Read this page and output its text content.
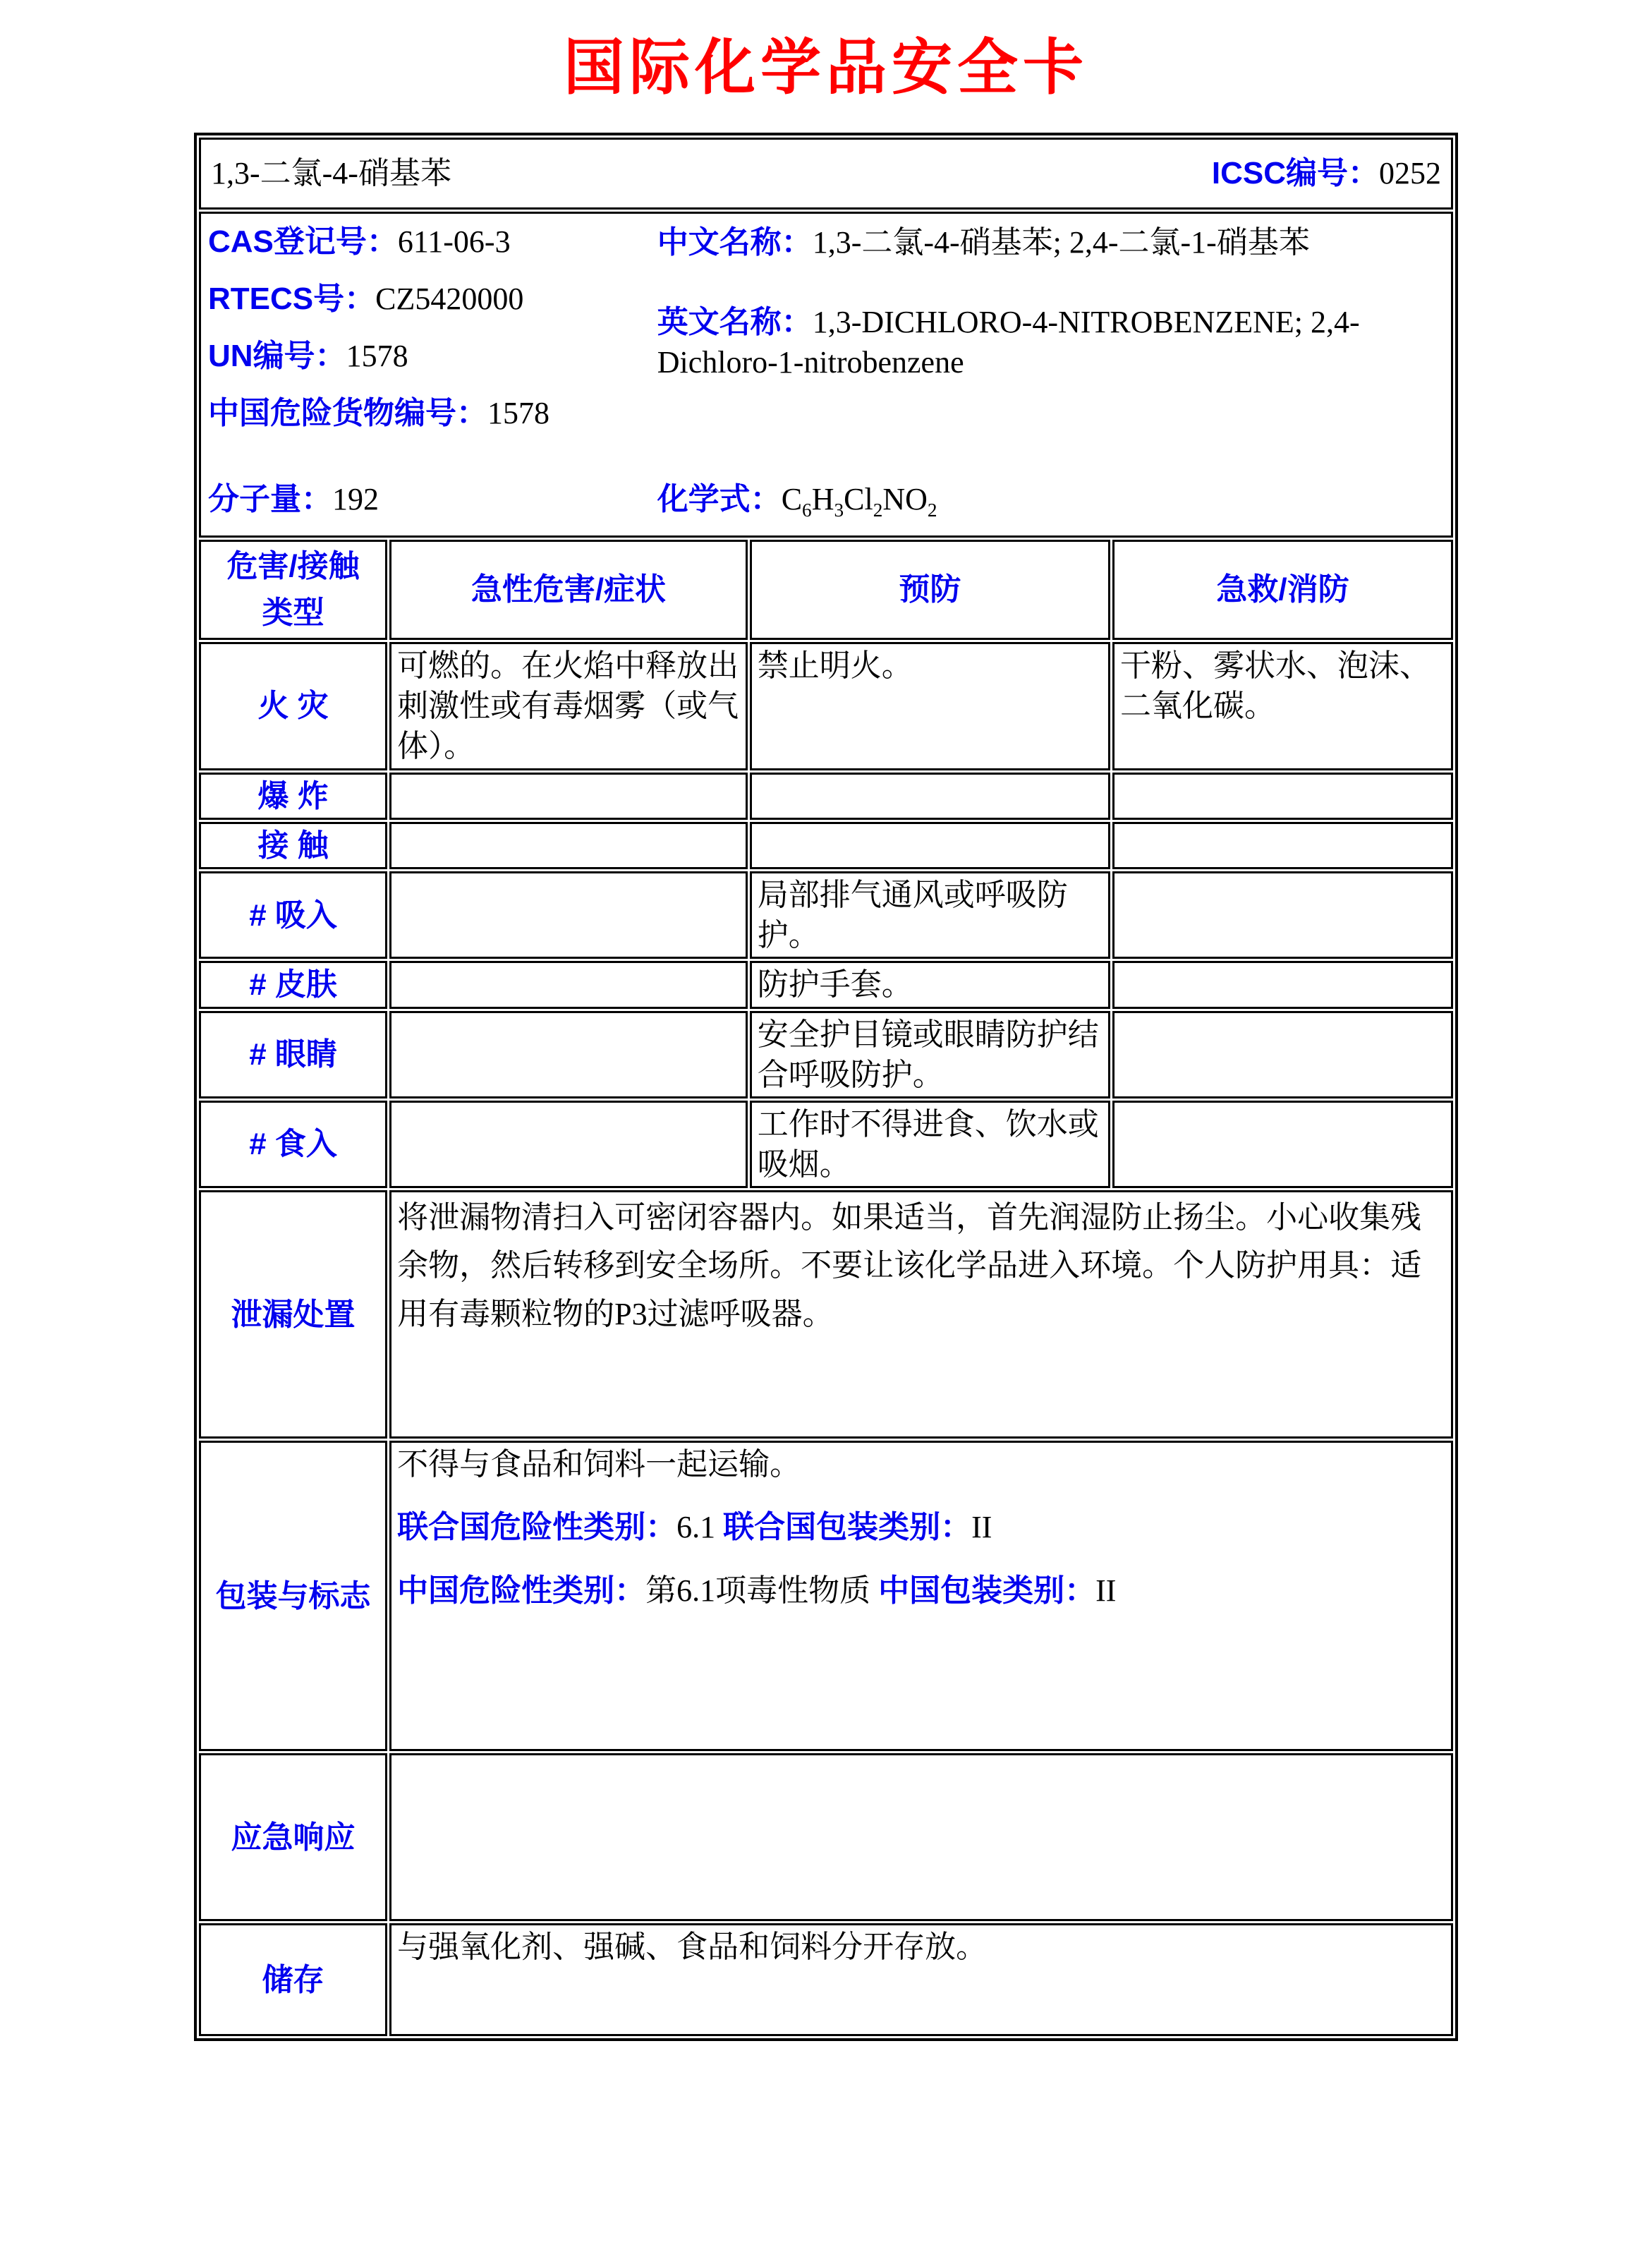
国际化学品安全卡
1,3-二氯-4-硝基苯 ICSC编号：0252			

CAS登记号：611-06-3
RTECS号：CZ5420000
UN编号：1578
中国危险货物编号：1578

中文名称：1,3-二氯-4-硝基苯; 2,4-二氯-1-硝基苯

英文名称：1,3-DICHLORO-4-NITROBENZENE; 2,4-Dichloro-1-nitrobenzene

分子量：192	化学式：$C_6H_3Cl_2NO_2$

危害/接触
类型	急性危害/症状	预防	急救/消防
火 灾	可燃的。在火焰中释放出刺激性或有毒烟雾（或气体）。	禁止明火。	干粉、雾状水、泡沫、二氧化碳。
爆 炸			
接 触			
# 吸入		局部排气通风或呼吸防护。	
# 皮肤		防护手套。	
# 眼睛		安全护目镜或眼睛防护结合呼吸防护。	
# 食入		工作时不得进食、饮水或吸烟。	
泄漏处置	将泄漏物清扫入可密闭容器内。如果适当，首先润湿防止扬尘。小心收集残余物，然后转移到安全场所。不要让该化学品进入环境。个人防护用具：适用有毒颗粒物的P3过滤呼吸器。		
包装与标志	不得与食品和饲料一起运输。

联合国危险性类别：6.1 联合国包装类别：II

中国危险性类别：第6.1项毒性物质 中国包装类别：II		

应急响应			
储存	与强氧化剂、强碱、食品和饲料分开存放。		
